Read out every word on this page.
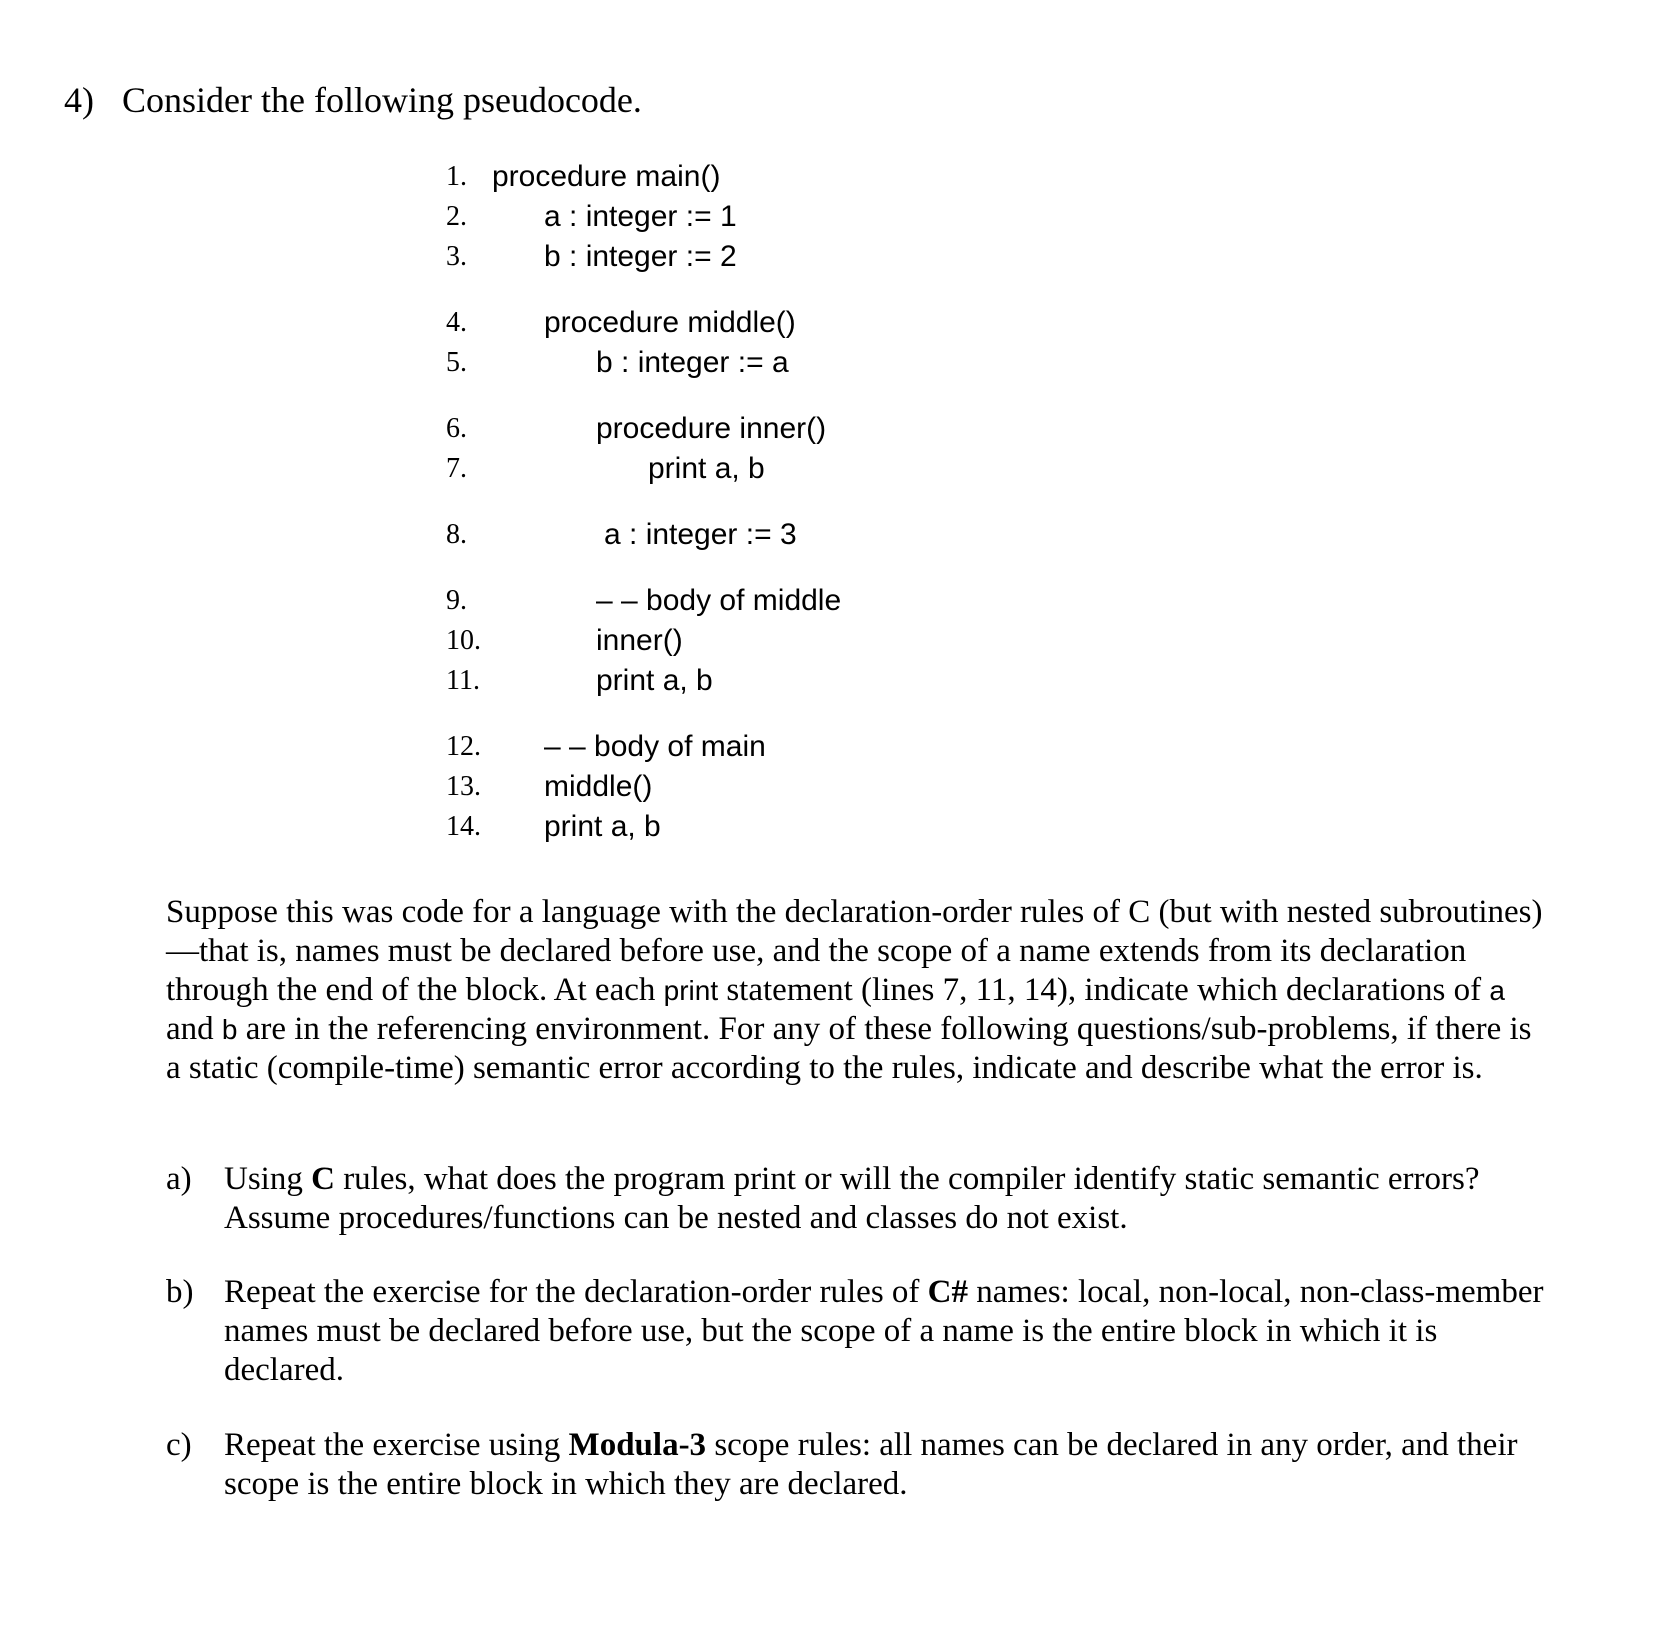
4) Consider the following pseudocode.
1. procedure main()
2.	a : integer := 1
3.	b : integer := 2
4.	procedure middle()
5.	b : integer := a
6.	procedure inner()
7.	print a, b
8.	a : integer := 3
9.	– – body of middle
10.	inner()
11.	print a, b
12. – – body of main
13. middle()
14. print a, b
Suppose this was code for a language with the declaration-order rules of C (but with nested subroutines)—that is, names must be declared before use, and the scope of a name extends from its declaration through the end of the block. At each print statement (lines 7, 11, 14), indicate which declarations of a and b are in the referencing environment. For any of these following questions/sub-problems, if there is a static (compile-time) semantic error according to the rules, indicate and describe what the error is.
a) Using C rules, what does the program print or will the compiler identify static semantic errors? Assume procedures/functions can be nested and classes do not exist.
b) Repeat the exercise for the declaration-order rules of C# names: local, non-local, non-class-member names must be declared before use, but the scope of a name is the entire block in which it is declared.
c) Repeat the exercise using Modula-3 scope rules: all names can be declared in any order, and their scope is the entire block in which they are declared.
